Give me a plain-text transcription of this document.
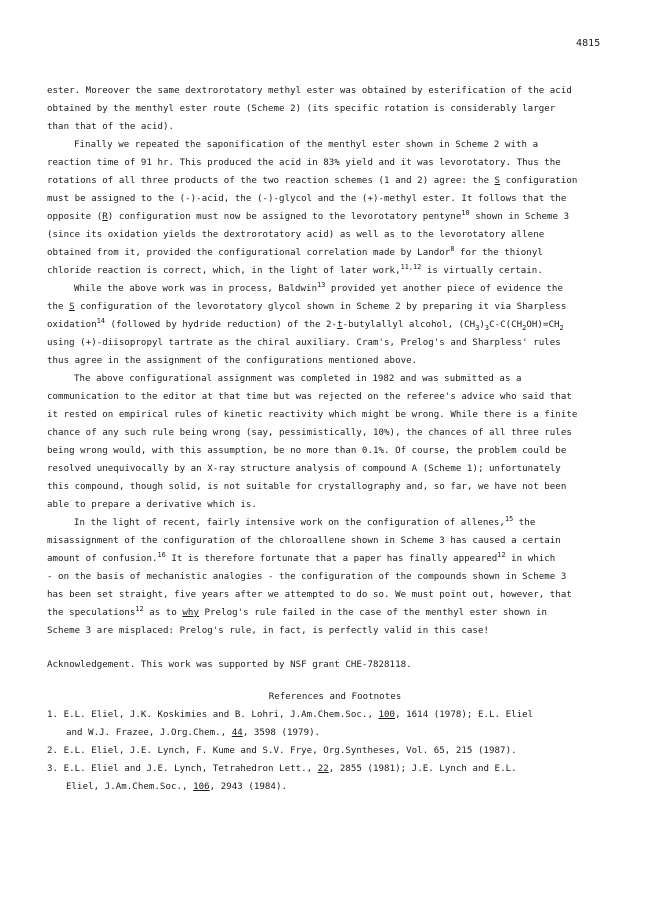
4815
ester. Moreover the same dextrorotatory methyl ester was obtained by esterification of the acid
obtained by the menthyl ester route (Scheme 2) (its specific rotation is considerably larger
than that of the acid).
Finally we repeated the saponification of the menthyl ester shown in Scheme 2 with a
reaction time of 91 hr. This produced the acid in 83% yield and it was levorotatory. Thus the
rotations of all three products of the two reaction schemes (1 and 2) agree: the S configuration
must be assigned to the (-)-acid, the (-)-glycol and the (+)-methyl ester. It follows that the
opposite (R) configuration must now be assigned to the levorotatory pentyne$^{10}$ shown in Scheme 3
(since its oxidation yields the dextrorotatory acid) as well as to the levorotatory allene
obtained from it, provided the configurational correlation made by Landor$^8$ for the thionyl
chloride reaction is correct, which, in the light of later work,$^{11,12}$ is virtually certain.
While the above work was in process, Baldwin$^{13}$ provided yet another piece of evidence the
the S configuration of the levorotatory glycol shown in Scheme 2 by preparing it via Sharpless
oxidation$^{14}$ (followed by hydride reduction) of the 2-t-butylallyl alcohol, $(CH_3)_3C-C(CH_2OH)=CH_2$
using (+)-diisopropyl tartrate as the chiral auxiliary. Cram's, Prelog's and Sharpless' rules
thus agree in the assignment of the configurations mentioned above.
The above configurational assignment was completed in 1982 and was submitted as a
communication to the editor at that time but was rejected on the referee's advice who said that
it rested on empirical rules of kinetic reactivity which might be wrong. While there is a finite
chance of any such rule being wrong (say, pessimistically, 10%), the chances of all three rules
being wrong would, with this assumption, be no more than 0.1%. Of course, the problem could be
resolved unequivocally by an X-ray structure analysis of compound A (Scheme 1); unfortunately
this compound, though solid, is not suitable for crystallography and, so far, we have not been
able to prepare a derivative which is.
In the light of recent, fairly intensive work on the configuration of allenes,$^{15}$ the
misassignment of the configuration of the chloroallene shown in Scheme 3 has caused a certain
amount of confusion.$^{16}$ It is therefore fortunate that a paper has finally appeared$^{12}$ in which
- on the basis of mechanistic analogies - the configuration of the compounds shown in Scheme 3
has been set straight, five years after we attempted to do so. We must point out, however, that
the speculations$^{12}$ as to why Prelog's rule failed in the case of the menthyl ester shown in
Scheme 3 are misplaced: Prelog's rule, in fact, is perfectly valid in this case!
Acknowledgement. This work was supported by NSF grant CHE-7828118.
References and Footnotes
1. E.L. Eliel, J.K. Koskimies and B. Lohri, J.Am.Chem.Soc., 100, 1614 (1978); E.L. Eliel
and W.J. Frazee, J.Org.Chem., 44, 3598 (1979).
2. E.L. Eliel, J.E. Lynch, F. Kume and S.V. Frye, Org.Syntheses, Vol. 65, 215 (1987).
3. E.L. Eliel and J.E. Lynch, Tetrahedron Lett., 22, 2855 (1981); J.E. Lynch and E.L.
Eliel, J.Am.Chem.Soc., 106, 2943 (1984).
